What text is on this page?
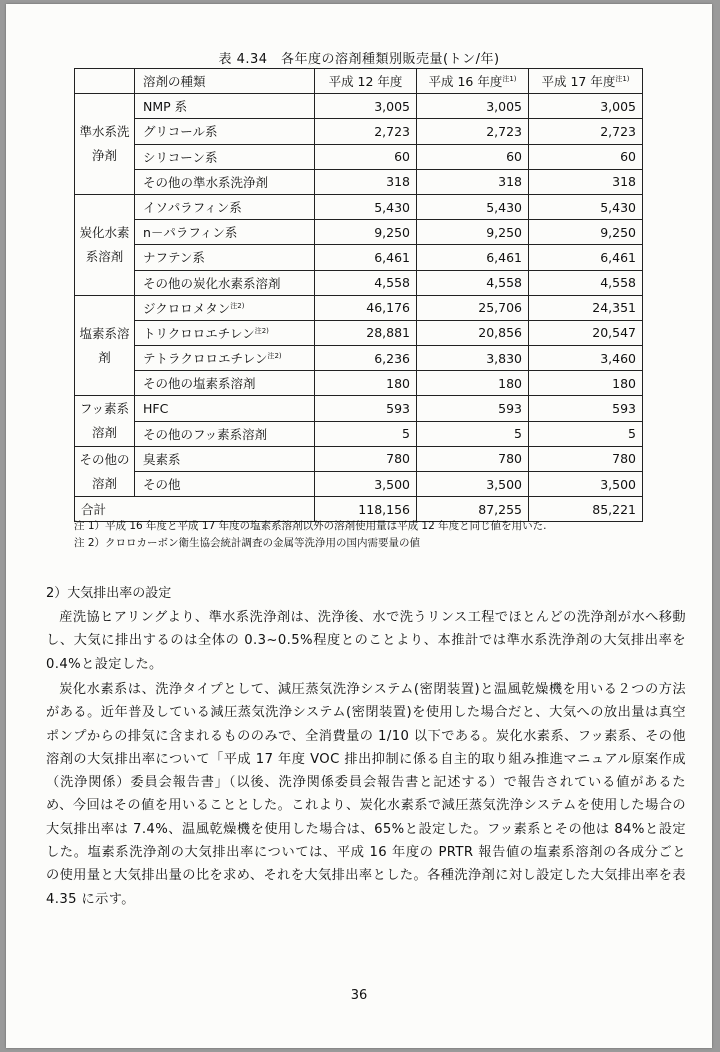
表 4.34　各年度の溶剤種類別販売量(トン/年)
	溶剤の種類	平成 12 年度	平成 16 年度$^{注1)}$	平成 17 年度$^{注1)}$
準水系洗浄剤	NMP 系	3,005	3,005	3,005
	グリコール系	2,723	2,723	2,723
	シリコーン系	60	60	60
	その他の準水系洗浄剤	318	318	318
炭化水素系溶剤	イソパラフィン系	5,430	5,430	5,430
	n－パラフィン系	9,250	9,250	9,250
	ナフテン系	6,461	6,461	6,461
	その他の炭化水素系溶剤	4,558	4,558	4,558
塩素系溶剤	ジクロロメタン$^{注2)}$	46,176	25,706	24,351
	トリクロロエチレン$^{注2)}$	28,881	20,856	20,547
	テトラクロロエチレン$^{注2)}$	6,236	3,830	3,460
	その他の塩素系溶剤	180	180	180
フッ素系溶剤	HFC	593	593	593
	その他のフッ素系溶剤	5	5	5
その他の溶剤	臭素系	780	780	780
	その他	3,500	3,500	3,500
合計		118,156	87,255	85,221
注 1）平成 16 年度と平成 17 年度の塩素系溶剤以外の溶剤使用量は平成 12 年度と同じ値を用いた.
注 2）クロロカーボン衛生協会統計調査の金属等洗浄用の国内需要量の値
2）大気排出率の設定
産洗協ヒアリングより、準水系洗浄剤は、洗浄後、水で洗うリンス工程でほとんどの洗浄剤が水へ移動し、大気に排出するのは全体の 0.3~0.5%程度とのことより、本推計では準水系洗浄剤の大気排出率を 0.4%と設定した。
炭化水素系は、洗浄タイプとして、減圧蒸気洗浄システム(密閉装置)と温風乾燥機を用いる２つの方法がある。近年普及している減圧蒸気洗浄システム(密閉装置)を使用した場合だと、大気への放出量は真空ポンプからの排気に含まれるもののみで、全消費量の 1/10 以下である。炭化水素系、フッ素系、その他溶剤の大気排出率について「平成 17 年度 VOC 排出抑制に係る自主的取り組み推進マニュアル原案作成（洗浄関係）委員会報告書」（以後、洗浄関係委員会報告書と記述する）で報告されている値があるため、今回はその値を用いることとした。これより、炭化水素系で減圧蒸気洗浄システムを使用した場合の大気排出率は 7.4%、温風乾燥機を使用した場合は、65%と設定した。フッ素系とその他は 84%と設定した。塩素系洗浄剤の大気排出率については、平成 16 年度の PRTR 報告値の塩素系溶剤の各成分ごとの使用量と大気排出量の比を求め、それを大気排出率とした。各種洗浄剤に対し設定した大気排出率を表 4.35 に示す。
36
